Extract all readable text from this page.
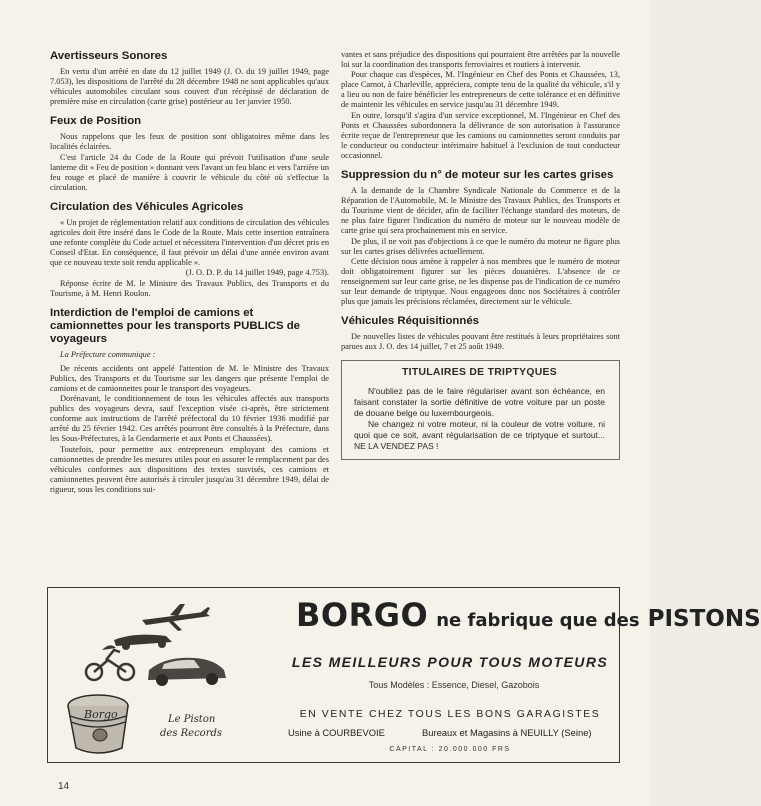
Avertisseurs Sonores

En vertu d'un arrêté en date du 12 juillet 1949 (J. O. du 19 juillet 1949, page 7.053), les dispositions de l'arrêté du 28 décembre 1948 ne sont applicables qu'aux véhicules automobiles circulant sous couvert d'un récépissé de déclaration de première mise en circulation (carte grise) postérieur au 1er janvier 1950.

Feux de Position

Nous rappelons que les feux de position sont obligatoires même dans les localités éclairées.

C'est l'article 24 du Code de la Route qui prévoit l'utilisation d'une seule lanterne dit « Feu de position » donnant vers l'avant un feu blanc et vers l'arrière un feu rouge et placé de manière à couvrir le véhicule du côté où s'effectue la circulation.

Circulation des Véhicules Agricoles

« Un projet de réglementation relatif aux conditions de circulation des véhicules agricoles doit être inséré dans le Code de la Route. Mais cette insertion entraînera une refonte complète du Code actuel et nécessitera l'intervention d'un décret pris en Conseil d'Etat. En conséquence, il faut prévoir un délai d'une année environ avant que ce nouveau texte soit rendu applicable ».

(J. O. D. P. du 14 juillet 1949, page 4.753).

Réponse écrite de M. le Ministre des Travaux Publics, des Transports et du Tourisme, à M. Henri Roulon.

Interdiction de l'emploi de camions et camionnettes pour les transports PUBLICS de voyageurs

La Préfecture communique :

De récents accidents ont appelé l'attention de M. le Ministre des Travaux Publics, des Transports et du Tourisme sur les dangers que présente l'emploi de camions et de camionnettes pour le transport des voyageurs.

Dorénavant, le conditionnement de tous les véhicules affectés aux transports publics des voyageurs devra, sauf l'exception visée ci-après, être strictement conforme aux instructions de l'arrêté préfectoral du 10 février 1936 modifié par arrêté du 25 février 1942. Ces arrêtés pourront être consultés à la Préfecture, dans les Sous-Préfectures, à la Gendarmerie et aux Ponts et Chaussées).

Toutefois, pour permettre aux entrepreneurs employant des camions et camionnettes de prendre les mesures utiles pour en assurer le remplacement par des véhicules conformes aux dispositions des textes susvisés, ces camions et camionnettes peuvent être autorisés à circuler jusqu'au 31 décembre 1949, délai de rigueur, sous les conditions sui-

vantes et sans préjudice des dispositions qui pourraient être arrêtées par la nouvelle loi sur la coordination des transports ferroviaires et routiers à intervenir.

Pour chaque cas d'espèces, M. l'Ingénieur en Chef des Ponts et Chaussées, 13, place Carnot, à Charleville, appréciera, compte tenu de la qualité du véhicule, s'il y a lieu ou non de faire bénéficier les entrepreneurs de cette tolérance et en définitive de maintenir les véhicules en service jusqu'au 31 décembre 1949.

En outre, lorsqu'il s'agira d'un service exceptionnel, M. l'Ingénieur en Chef des Ponts et Chaussées subordonnera la délivrance de son autorisation à l'assurance écrite reçue de l'entrepreneur que les camions ou camionnettes seront conduits par le conducteur ou conducteur intérimaire habituel à l'exclusion de tout conducteur occasionnel.

Suppression du n° de moteur sur les cartes grises

A la demande de la Chambre Syndicale Nationale du Commerce et de la Réparation de l'Automobile, M. le Ministre des Travaux Publics, des Transports et du Tourisme vient de décider, afin de faciliter l'échange standard des moteurs, de ne plus faire figurer l'indication du numéro de moteur sur le nouveau modèle de carte grise qui sera prochainement mis en service.

De plus, il ne voit pas d'objections à ce que le numéro du moteur ne figure plus sur les cartes grises délivrées actuellement.

Cette décision nous amène à rappeler à nos membres que le numéro de moteur doit obligatoirement figurer sur les pièces douanières. L'absence de ce renseignement sur leur carte grise, ne les dispense pas de l'indication de ce numéro sur leur demande de triptyque. Nous engageons donc nos Sociétaires à contrôler plus que jamais les précisions réclamées, directement sur le véhicule.

Véhicules Réquisitionnés

De nouvelles listes de véhicules pouvant être restitués à leurs propriétaires sont parues aux J. O. des 14 juillet, 7 et 25 août 1949.

TITULAIRES DE TRIPTYQUES

N'oubliez pas de le faire régulariser avant son échéance, en faisant constater la sortie définitive de votre voiture par un poste de douane belge ou luxembourgeois.

Ne changez ni votre moteur, ni la couleur de votre voiture, ni quoi que ce soit, avant régularisation de ce triptyque et surtout... NE LA VENDEZ PAS !

Borgo	Le Piston
des Records
BORGO ne fabrique que des PISTONS
LES MEILLEURS POUR TOUS MOTEURS
Tous Modèles : Essence, Diesel, Gazobois
EN VENTE CHEZ TOUS LES BONS GARAGISTES
Usine à COURBEVOIE	Bureaux et Magasins à NEUILLY (Seine)
CAPITAL : 20.000.000 FRS
14
